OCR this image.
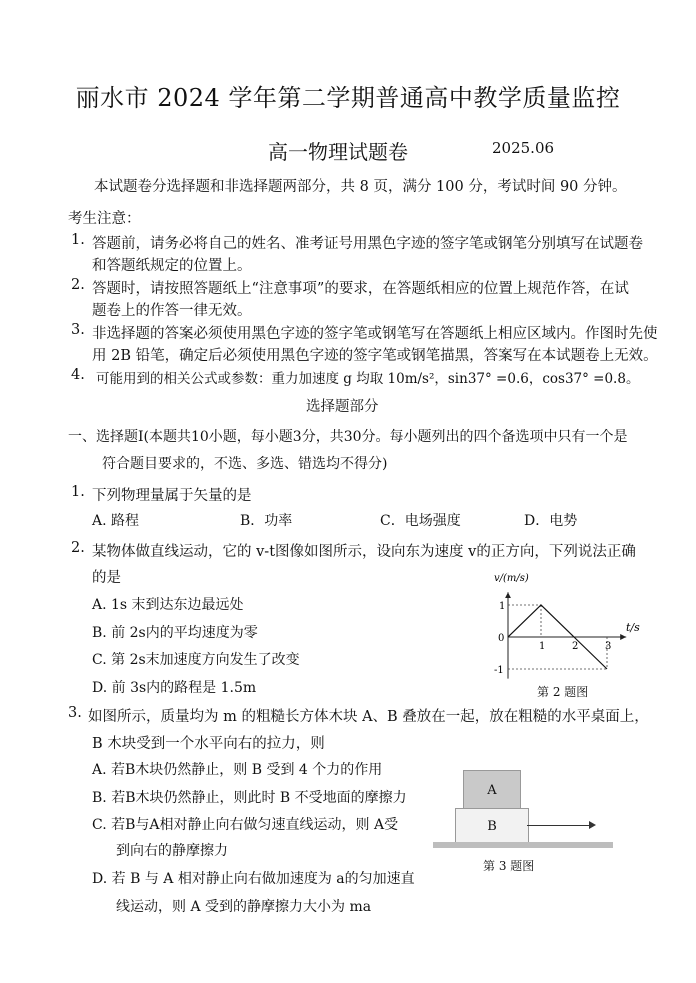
丽水市 2024 学年第二学期普通高中教学质量监控
高一物理试题卷	2025.06
本试题卷分选择题和非选择题两部分，共 8 页，满分 100 分，考试时间 90 分钟。
考生注意：
1. 答题前，请务必将自己的姓名、准考证号用黑色字迹的签字笔或钢笔分别填写在试题卷
和答题纸规定的位置上。
2. 答题时，请按照答题纸上“注意事项”的要求，在答题纸相应的位置上规范作答，在试
题卷上的作答一律无效。
3. 非选择题的答案必须使用黑色字迹的签字笔或钢笔写在答题纸上相应区域内。作图时先使
用 2B 铅笔，确定后必须使用黑色字迹的签字笔或钢笔描黑，答案写在本试题卷上无效。
4. 可能用到的相关公式或参数：重力加速度 g 均取 10m/s²，sin37° =0.6，cos37° =0.8。
选择题部分
一、选择题Ⅰ(本题共10小题，每小题3分，共30分。每小题列出的四个备选项中只有一个是
符合题目要求的，不选、多选、错选均不得分)
1. 下列物理量属于矢量的是
A. 路程	B．功率	C．电场强度	D．电势
2. 某物体做直线运动，它的 v-t图像如图所示，设向东为速度 v的正方向，下列说法正确
的是
A. 1s 末到达东边最远处
B. 前 2s内的平均速度为零
C. 第 2s末加速度方向发生了改变
D. 前 3s内的路程是 1.5m
1	2	3
0
1
-1
v/(m/s)
t/s
第 2 题图
3. 如图所示，质量均为 m 的粗糙长方体木块 A、B 叠放在一起，放在粗糙的水平桌面上，
B 木块受到一个水平向右的拉力，则
A. 若B木块仍然静止，则 B 受到 4 个力的作用
B. 若B木块仍然静止，则此时 B 不受地面的摩擦力
C. 若B与A相对静止向右做匀速直线运动，则 A受
到向右的静摩擦力
D. 若 B 与 A 相对静止向右做加速度为 a的匀加速直
线运动，则 A 受到的静摩擦力大小为 ma
A
B
第 3 题图
